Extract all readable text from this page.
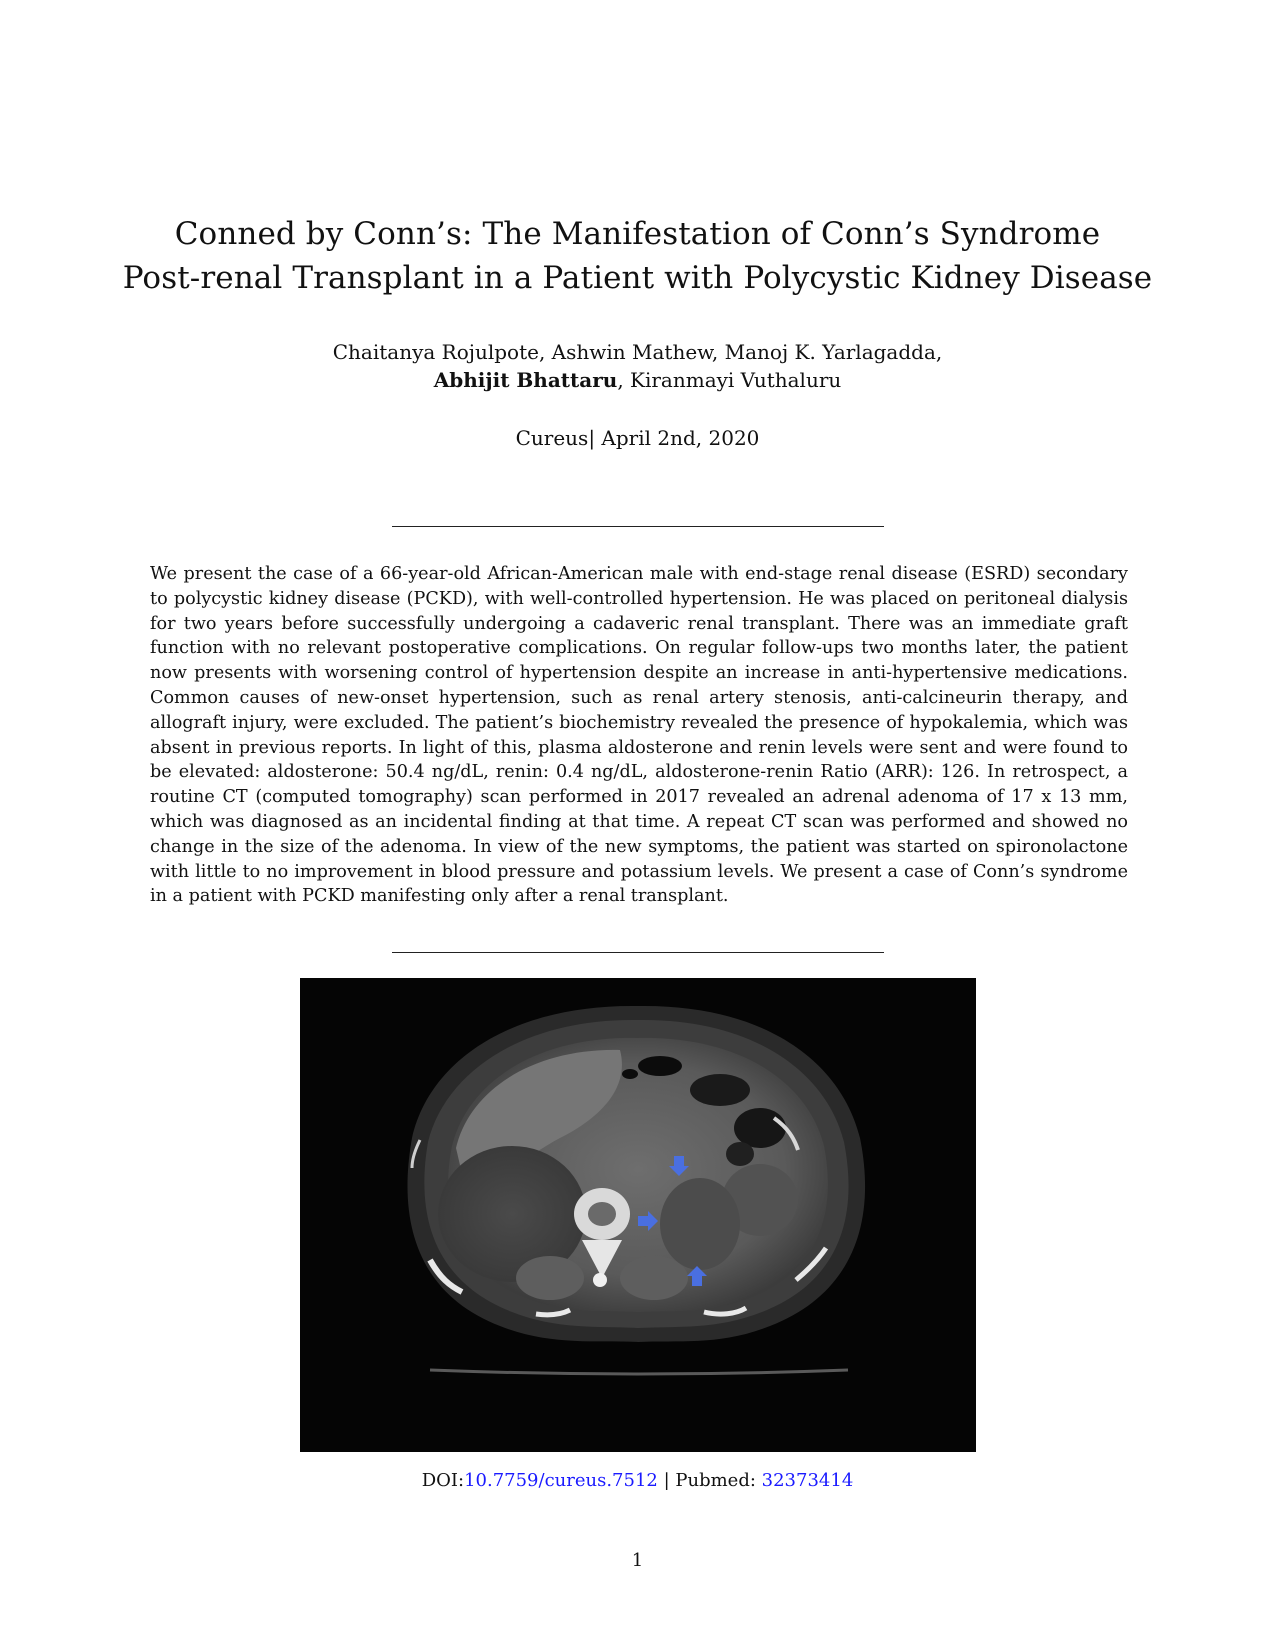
Conned by Conn’s: The Manifestation of Conn’s Syndrome
Post-renal Transplant in a Patient with Polycystic Kidney Disease
Chaitanya Rojulpote, Ashwin Mathew, Manoj K. Yarlagadda,
Abhijit Bhattaru, Kiranmayi Vuthaluru
Cureus| April 2nd, 2020

We present the case of a 66-year-old African-American male with end-stage renal disease (ESRD) secondary to polycystic kidney disease (PCKD), with well-controlled hypertension. He was placed on peritoneal dialysis for two years before successfully undergoing a cadaveric renal transplant. There was an immediate graft function with no relevant postoperative complications. On regular follow-ups two months later, the patient now presents with worsening control of hypertension despite an increase in anti-hypertensive medications. Common causes of new-onset hypertension, such as renal artery stenosis, anti-calcineurin therapy, and allograft injury, were excluded. The patient’s biochemistry revealed the presence of hypokalemia, which was absent in previous reports. In light of this, plasma aldosterone and renin levels were sent and were found to be elevated: aldosterone: 50.4 ng/dL, renin: 0.4 ng/dL, aldosterone-renin Ratio (ARR): 126. In retrospect, a routine CT (computed tomography) scan performed in 2017 revealed an adrenal adenoma of 17 x 13 mm, which was diagnosed as an incidental finding at that time. A repeat CT scan was performed and showed no change in the size of the adenoma. In view of the new symptoms, the patient was started on spironolactone with little to no improvement in blood pressure and potassium levels. We present a case of Conn’s syndrome in a patient with PCKD manifesting only after a renal transplant.

DOI:10.7759/cureus.7512 | Pubmed: 32373414
1
